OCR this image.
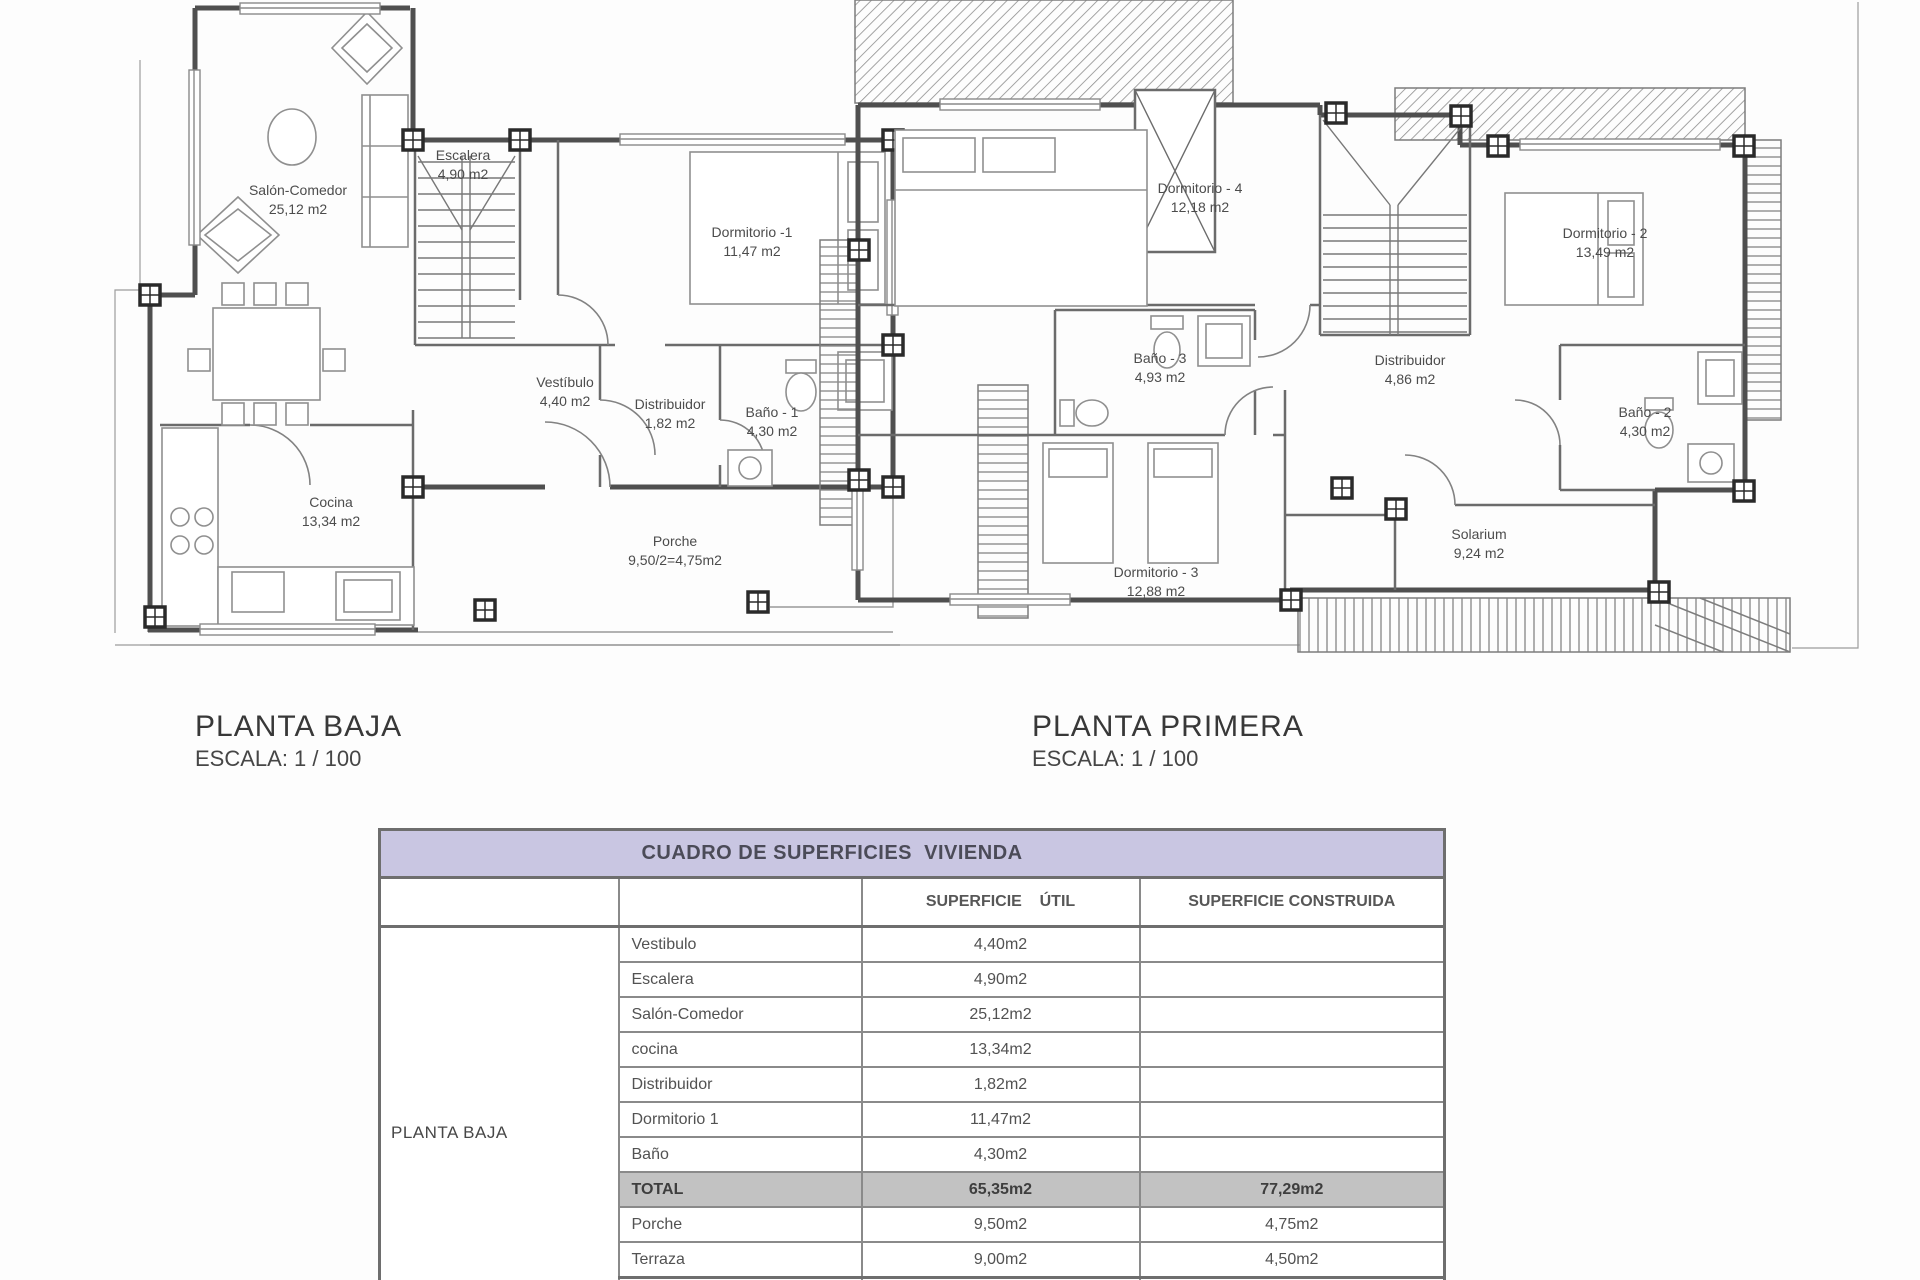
Salón-Comedor
25,12 m2
Escalera
4,90 m2
Dormitorio -1
11,47 m2
Vestíbulo
4,40 m2	Distribuidor
1,82 m2
Baño - 1
4,30 m2
Cocina
13,34 m2
Porche
9,50/2=4,75m2
Dormitorio - 4
12,18 m2
Dormitorio - 2
13,49 m2
Baño - 3
4,93 m2
Distribuidor
4,86 m2
Baño - 2
4,30 m2
Dormitorio - 3
12,88 m2
Solarium
9,24 m2
PLANTA BAJA
ESCALA: 1 / 100
PLANTA PRIMERA
ESCALA: 1 / 100
CUADRO DE SUPERFICIES  VIVIENDA			
		SUPERFICIE    ÚTIL	SUPERFICIE CONSTRUIDA
PLANTA BAJA	Vestibulo	4,40m2	
	Escalera	4,90m2	
	Salón-Comedor	25,12m2	
	cocina	13,34m2	
	Distribuidor	1,82m2	
	Dormitorio 1	11,47m2	
	Baño	4,30m2	
	TOTAL	65,35m2	77,29m2
	Porche	9,50m2	4,75m2
	Terraza	9,00m2	4,50m2
